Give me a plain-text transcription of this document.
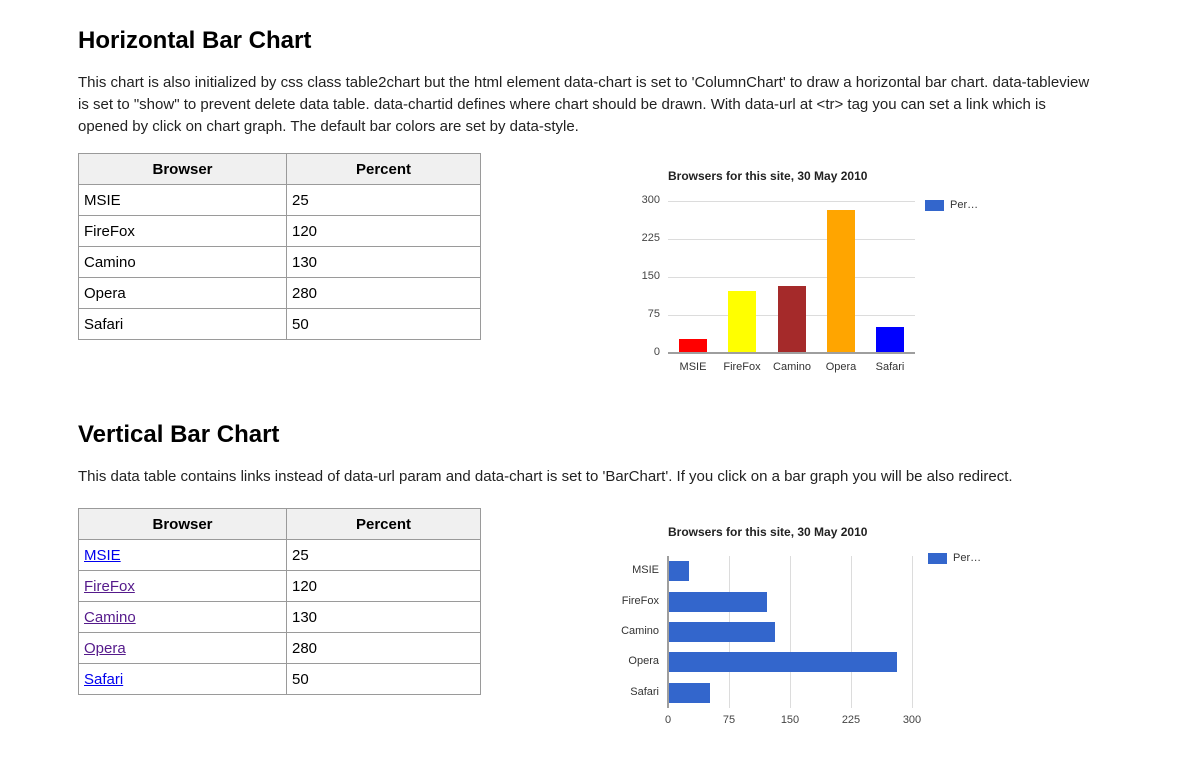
Horizontal Bar Chart

This chart is also initialized by css class table2chart but the html element data-chart is set to 'ColumnChart' to draw a horizontal bar chart. data-tableview is set to "show" to prevent delete data table. data-chartid defines where chart should be drawn. With data-url at <tr> tag you can set a link which is opened by click on chart graph. The default bar colors are set by data-style.

Browser	Percent
MSIE	25
FireFox	120
Camino	130
Opera	280
Safari	50
Browsers for this site, 30 May 2010
Per…
0
75
150
225
300
MSIE	FireFox	Camino	Opera	Safari
Vertical Bar Chart

This data table contains links instead of data-url param and data-chart is set to 'BarChart'. If you click on a bar graph you will be also redirect.

Browser	Percent
MSIE	25
FireFox	120
Camino	130
Opera	280
Safari	50
Browsers for this site, 30 May 2010
Per…
0	75	150	225	300
MSIE
FireFox
Camino
Opera
Safari
